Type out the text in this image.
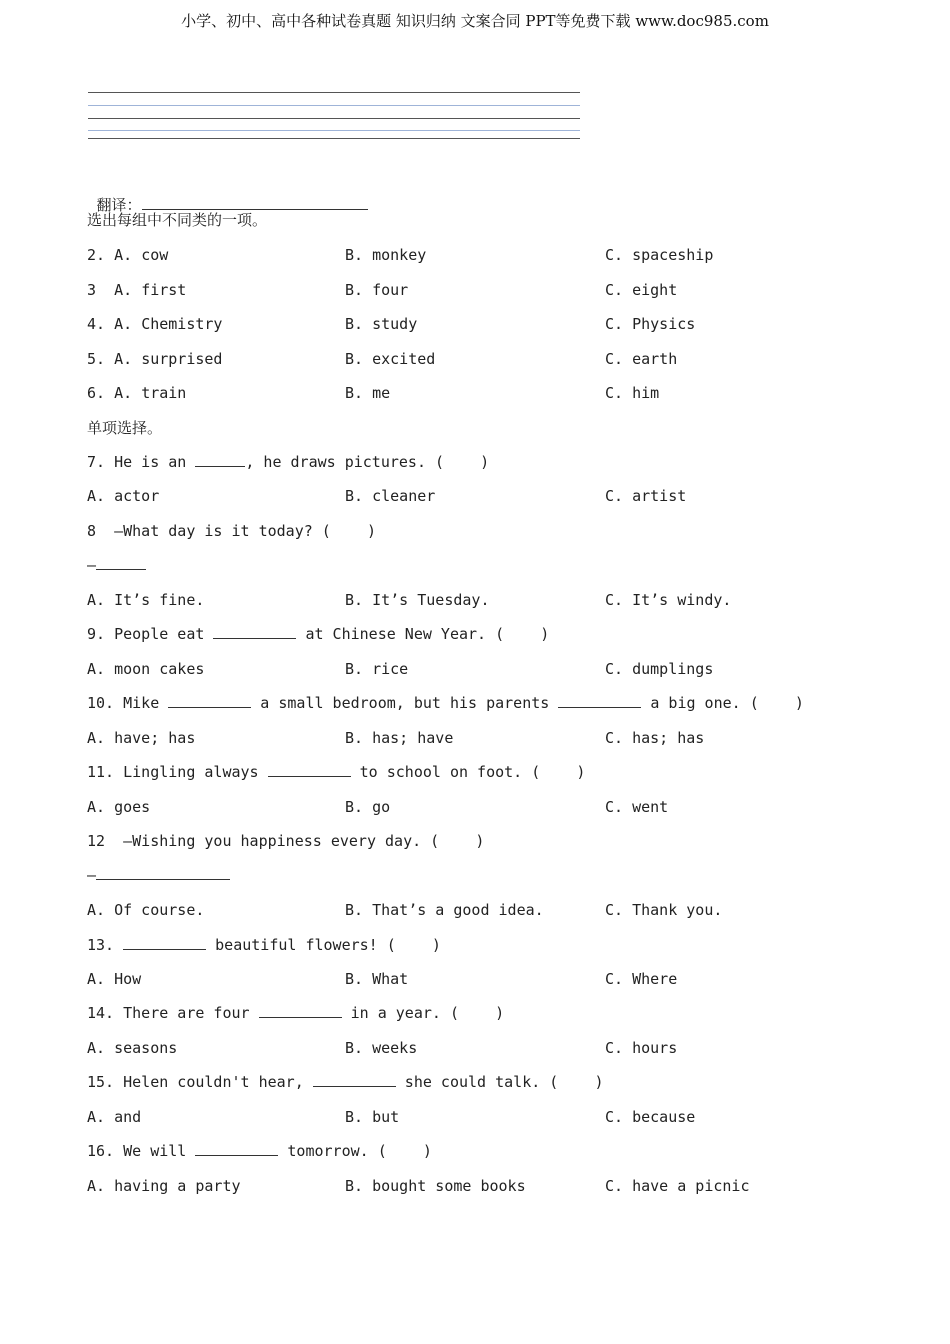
小学、初中、高中各种试卷真题 知识归纳 文案合同 PPT等免费下载 www.doc985.com

翻译：

选出每组中不同类的一项。
2. A. cow	B. monkey	C. spaceship
3  A. first	B. four	C. eight
4. A. Chemistry	B. study	C. Physics
5. A. surprised	B. excited	C. earth
6. A. train	B. me	C. him
单项选择。
7. He is an	, he draws pictures. (    )
A. actor	B. cleaner	C. artist
8  —What day is it today? (    )
—
A. It’s fine.	B. It’s Tuesday.	C. It’s windy.
9. People eat	at Chinese New Year. (    )
A. moon cakes	B. rice	C. dumplings
10. Mike	a small bedroom, but his parents	a big one. (    )
A. have; has	B. has; have	C. has; has
11. Lingling always	to school on foot. (    )
A. goes	B. go	C. went
12  —Wishing you happiness every day. (    )
—
A. Of course.	B. That’s a good idea.	C. Thank you.
13.	beautiful flowers! (    )
A. How	B. What	C. Where
14. There are four	in a year. (    )
A. seasons	B. weeks	C. hours
15. Helen couldn't hear,	she could talk. (    )
A. and	B. but	C. because
16. We will	tomorrow. (    )
A. having a party	B. bought some books	C. have a picnic
